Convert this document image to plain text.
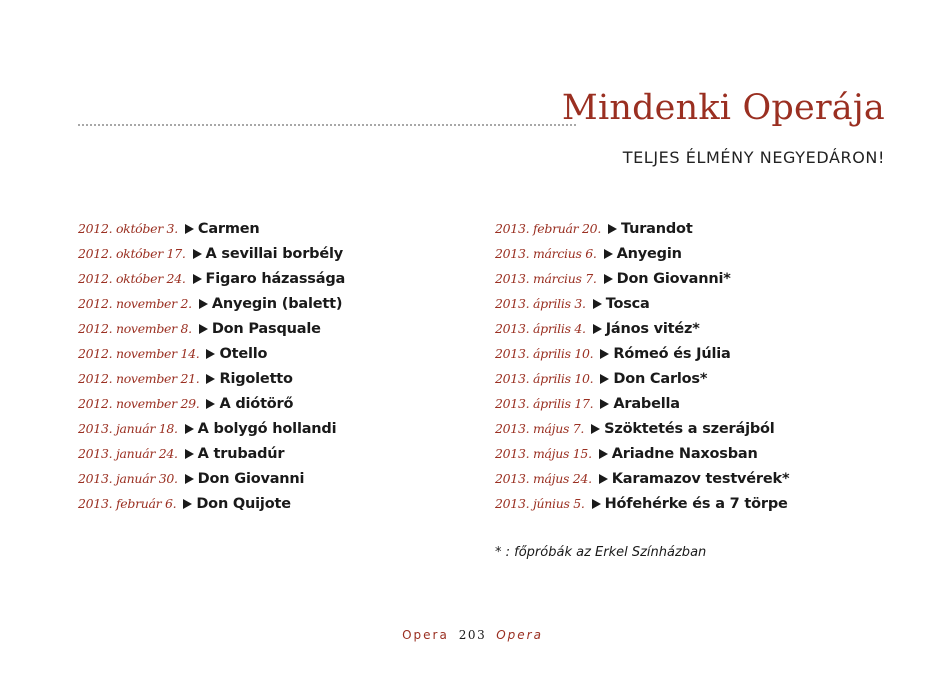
Mindenki Operája
TELJES ÉLMÉNY NEGYEDÁRON!
2012. október 3. Carmen
2012. október 17. A sevillai borbély
2012. október 24. Figaro házassága
2012. november 2. Anyegin (balett)
2012. november 8. Don Pasquale
2012. november 14. Otello
2012. november 21. Rigoletto
2012. november 29. A diótörő
2013. január 18. A bolygó hollandi
2013. január 24. A trubadúr
2013. január 30. Don Giovanni
2013. február 6. Don Quijote
2013. február 20. Turandot
2013. március 6. Anyegin
2013. március 7. Don Giovanni*
2013. április 3. Tosca
2013. április 4. János vitéz*
2013. április 10. Rómeó és Júlia
2013. április 10. Don Carlos*
2013. április 17. Arabella
2013. május 7. Szöktetés a szerájból
2013. május 15. Ariadne Naxosban
2013. május 24. Karamazov testvérek*
2013. június 5. Hófehérke és a 7 törpe
* : főpróbák az Erkel Színházban
Opera 203 Opera
